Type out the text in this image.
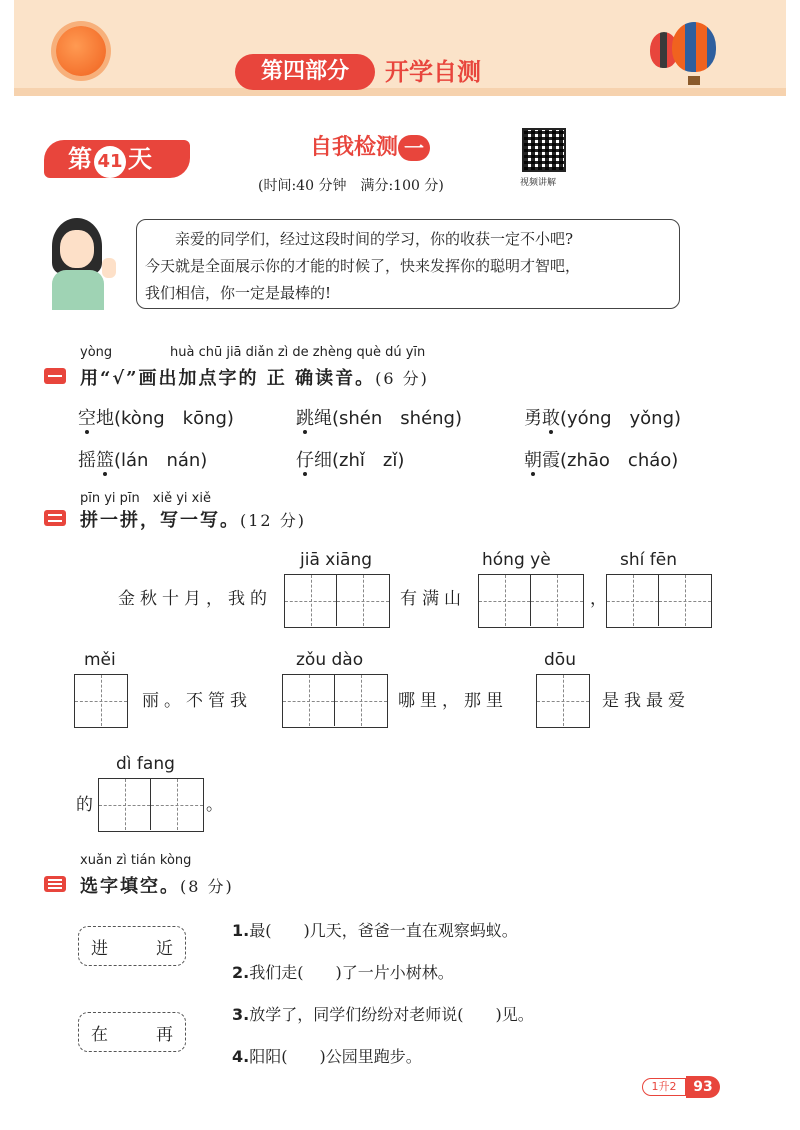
第四部分	开学自测
第 41 天	自我检测 一
(时间:40 分钟　满分:100 分)	视频讲解
亲爱的同学们，经过这段时间的学习，你的收获一定不小吧?
今天就是全面展示你的才能的时候了，快来发挥你的聪明才智吧，
我们相信，你一定是最棒的!
yòng	huà chū jiā diǎn zì de zhèng què dú yīn
用“√”画出加点字的 正 确读音。(6 分)
空地(kòng　kōng)	跳绳(shén　shéng)	勇敢(yóng　yǒng)
摇篮(lán　nán)	仔细(zhǐ　zǐ)	朝霞(zhāo　cháo)
pīn yi pīn　xiě yi xiě
拼一拼，写一写。(12 分)
金秋十月，我的
jiā xiāng
有满山
hóng yè
，
shí fēn
měi
丽。不管我
zǒu dào
哪里，那里
dōu
是我最爱
的
dì fang
。
xuǎn zì tián kòng
选字填空。(8 分)
进	近
在	再
1.最(　　)几天，爸爸一直在观察蚂蚁。
2.我们走(　　)了一片小树林。
3.放学了，同学们纷纷对老师说(　　)见。
4.阳阳(　　)公园里跑步。
1升2	93
